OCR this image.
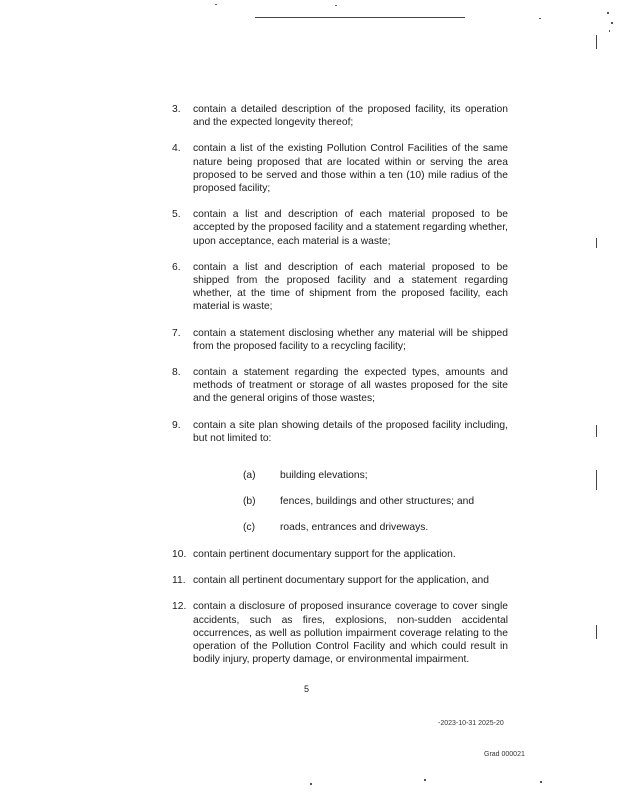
3. contain a detailed description of the proposed facility, its operation and the expected longevity thereof;
4. contain a list of the existing Pollution Control Facilities of the same nature being proposed that are located within or serving the area proposed to be served and those within a ten (10) mile radius of the proposed facility;
5. contain a list and description of each material proposed to be accepted by the proposed facility and a statement regarding whether, upon acceptance, each material is a waste;
6. contain a list and description of each material proposed to be shipped from the proposed facility and a statement regarding whether, at the time of shipment from the proposed facility, each material is waste;
7. contain a statement disclosing whether any material will be shipped from the proposed facility to a recycling facility;
8. contain a statement regarding the expected types, amounts and methods of treatment or storage of all wastes proposed for the site and the general origins of those wastes;
9. contain a site plan showing details of the proposed facility including, but not limited to:
(a) building elevations;
(b) fences, buildings and other structures; and
(c) roads, entrances and driveways.
10. contain pertinent documentary support for the application.
11. contain all pertinent documentary support for the application, and
12. contain a disclosure of proposed insurance coverage to cover single accidents, such as fires, explosions, non-sudden accidental occurrences, as well as pollution impairment coverage relating to the operation of the Pollution Control Facility and which could result in bodily injury, property damage, or environmental impairment.
5
-2023-10-31 2025-20
Grad 000021
